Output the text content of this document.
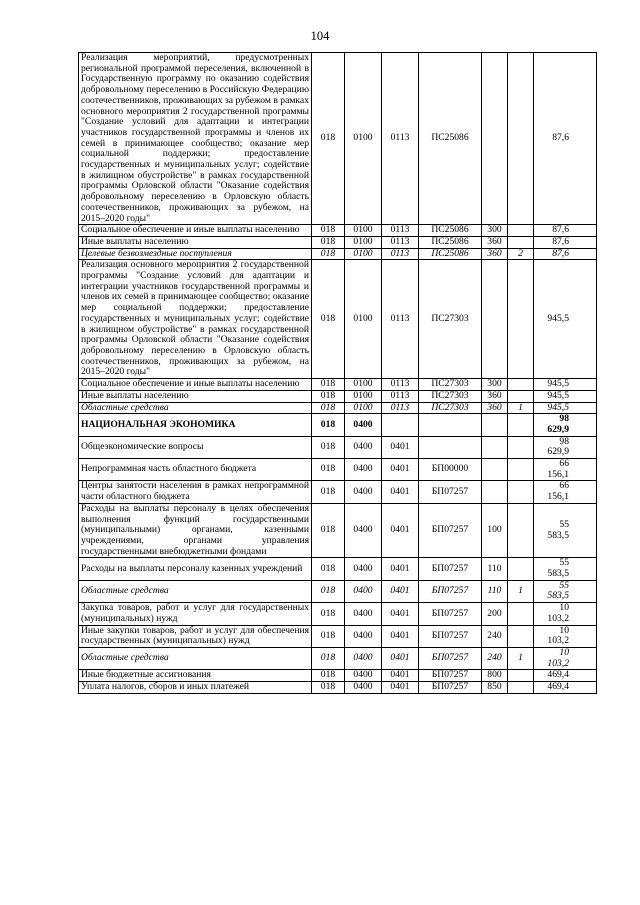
104
Реализация мероприятий, предусмотренных региональной программой переселения, включенной в Государственную программу по оказанию содействия добровольному переселению в Российскую Федерацию соотечественников, проживающих за рубежом в рамках основного мероприятия 2 государственной программы "Создание условий для адаптации и интеграции участников государственной программы и членов их семей в принимающее сообщество; оказание мер социальной поддержки; предоставление государственных и муниципальных услуг; содействие в жилищном обустройстве" в рамках государственной программы Орловской области "Оказание содействия добровольному переселению в Орловскую область соотечественников, проживающих за рубежом, на 2015–2020 годы"	018	0100	0113	ПС25086			87,6
Социальное обеспечение и иные выплаты населению	018	0100	0113	ПС25086	300		87,6
Иные выплаты населению	018	0100	0113	ПС25086	360		87,6
Целевые безвозмездные поступления	018	0100	0113	ПС25086	360	2	87,6
Реализация основного мероприятия 2 государственной программы "Создание условий для адаптации и интеграции участников государственной программы и членов их семей в принимающее сообщество; оказание мер социальной поддержки; предоставление государственных и муниципальных услуг; содействие в жилищном обустройстве" в рамках государственной программы Орловской области "Оказание содействия добровольному переселению в Орловскую область соотечественников, проживающих за рубежом, на 2015–2020 годы"	018	0100	0113	ПС27303			945,5
Социальное обеспечение и иные выплаты населению	018	0100	0113	ПС27303	300		945,5
Иные выплаты населению	018	0100	0113	ПС27303	360		945,5
Областные средства	018	0100	0113	ПС27303	360	1	945,5
НАЦИОНАЛЬНАЯ ЭКОНОМИКА	018	0400					98 629,9
Общеэкономические вопросы	018	0400	0401				98 629,9
Непрограммная часть областного бюджета	018	0400	0401	БП00000			66 156,1
Центры занятости населения в рамках непрограммной части областного бюджета	018	0400	0401	БП07257			66 156,1
Расходы на выплаты персоналу в целях обеспечения выполнения функций государственными (муниципальными) органами, казенными учреждениями, органами управления государственными внебюджетными фондами	018	0400	0401	БП07257	100		55 583,5
Расходы на выплаты персоналу казенных учреждений	018	0400	0401	БП07257	110		55 583,5
Областные средства	018	0400	0401	БП07257	110	1	55 583,5
Закупка товаров, работ и услуг для государственных (муниципальных) нужд	018	0400	0401	БП07257	200		10 103,2
Иные закупки товаров, работ и услуг для обеспечения государственных (муниципальных) нужд	018	0400	0401	БП07257	240		10 103,2
Областные средства	018	0400	0401	БП07257	240	1	10 103,2
Иные бюджетные ассигнования	018	0400	0401	БП07257	800		469,4
Уплата налогов, сборов и иных платежей	018	0400	0401	БП07257	850		469,4
